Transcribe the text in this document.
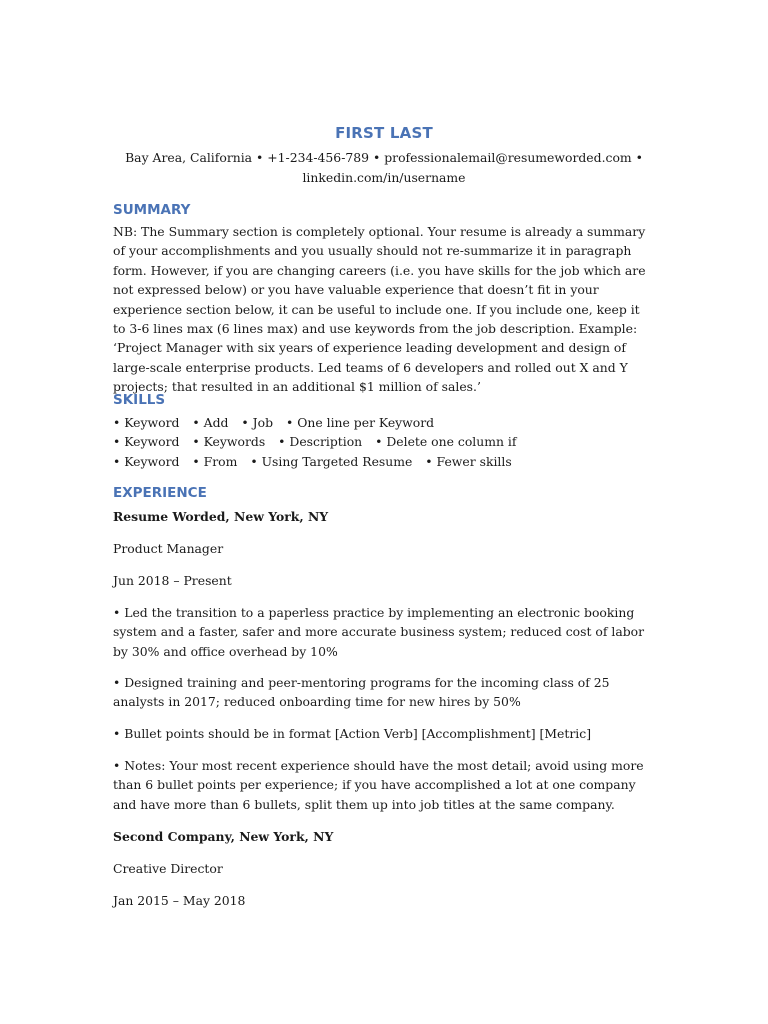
FIRST LAST
Bay Area, California • +1-234-456-789 • professionalemail@resumeworded.com •
linkedin.com/in/username
SUMMARY
NB: The Summary section is completely optional. Your resume is already a summary of your accomplishments and you usually should not re-summarize it in paragraph form. However, if you are changing careers (i.e. you have skills for the job which are not expressed below) or you have valuable experience that doesn’t fit in your experience section below, it can be useful to include one. If you include one, keep it to 3-6 lines max (6 lines max) and use keywords from the job description. Example: ‘Project Manager with six years of experience leading development and design of large-scale enterprise products. Led teams of 6 developers and rolled out X and Y projects; that resulted in an additional $1 million of sales.’
SKILLS
• Keyword • Add • Job • One line per Keyword
• Keyword • Keywords • Description • Delete one column if
• Keyword • From • Using Targeted Resume • Fewer skills
EXPERIENCE
Resume Worded, New York, NY
Product Manager
Jun 2018 – Present
• Led the transition to a paperless practice by implementing an electronic booking system and a faster, safer and more accurate business system; reduced cost of labor by 30% and office overhead by 10%
• Designed training and peer-mentoring programs for the incoming class of 25 analysts in 2017; reduced onboarding time for new hires by 50%
• Bullet points should be in format [Action Verb] [Accomplishment] [Metric]
• Notes: Your most recent experience should have the most detail; avoid using more than 6 bullet points per experience; if you have accomplished a lot at one company and have more than 6 bullets, split them up into job titles at the same company.
Second Company, New York, NY
Creative Director
Jan 2015 – May 2018
